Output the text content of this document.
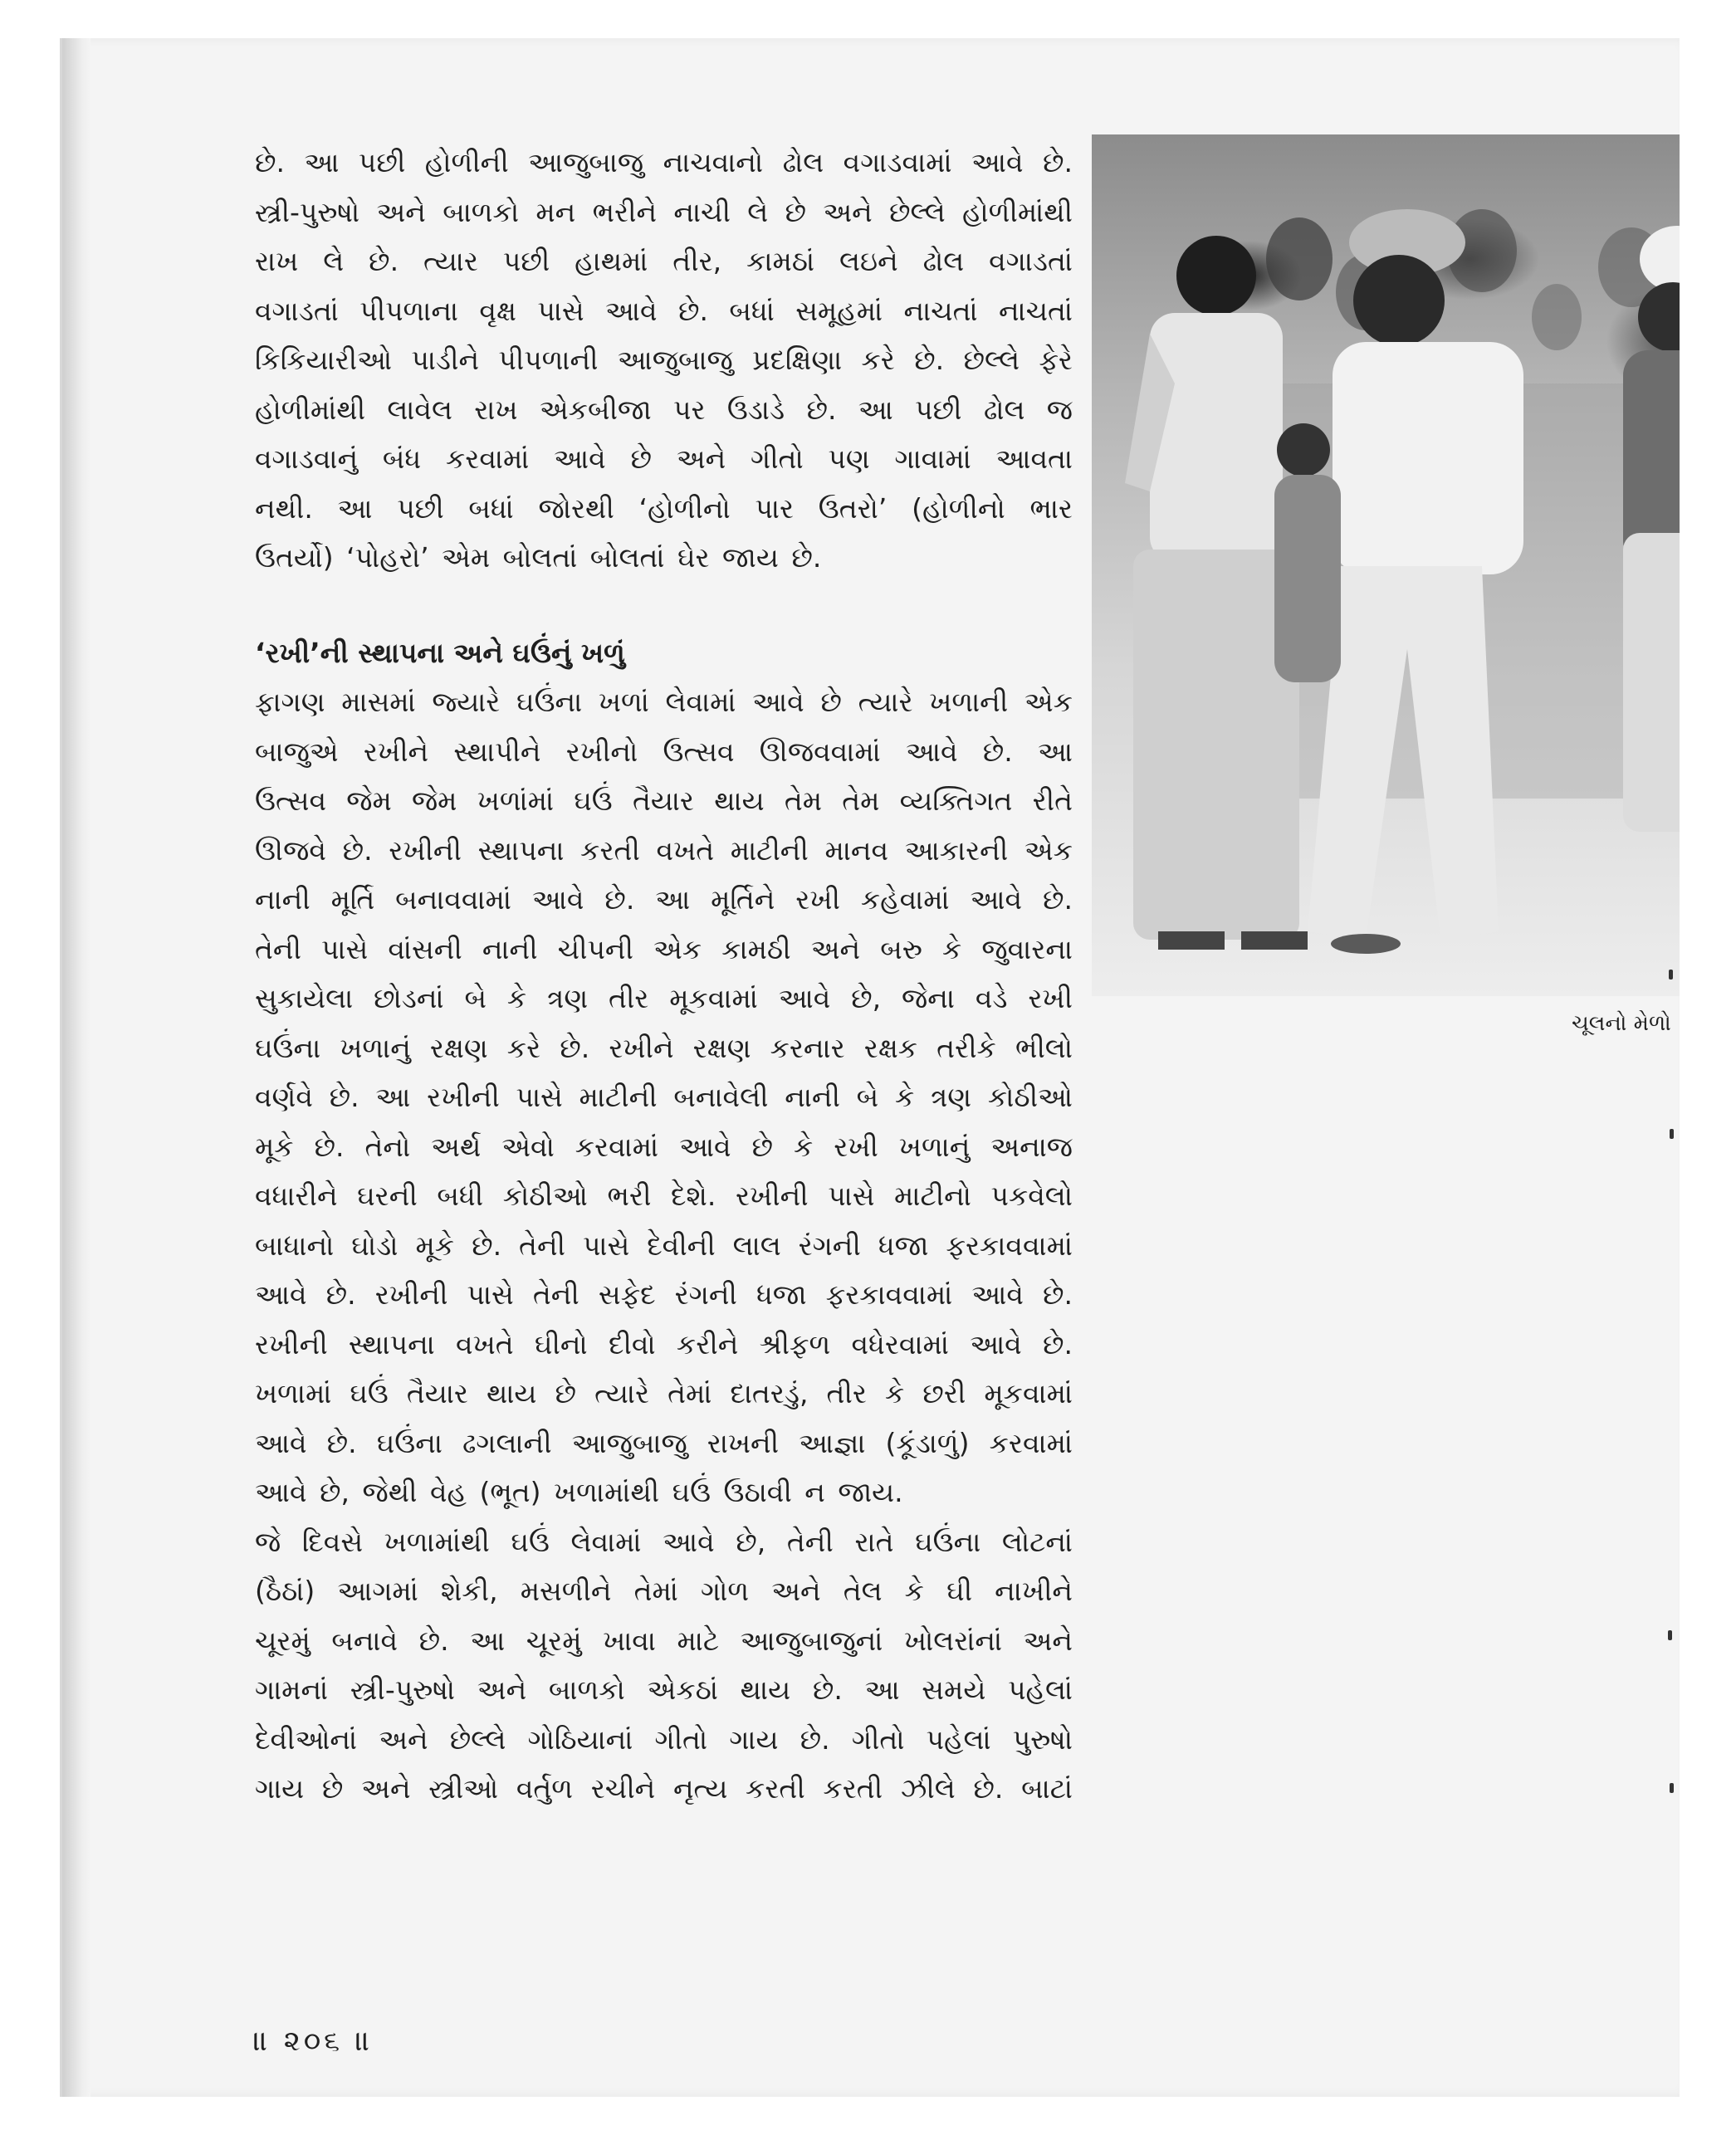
છે. આ પછી હોળીની આજુબાજુ નાચવાનો ઢોલ વગાડવામાં આવે છે.

સ્ત્રી-પુરુષો અને બાળકો મન ભરીને નાચી લે છે અને છેલ્લે હોળીમાંથી

રાખ લે છે. ત્યાર પછી હાથમાં તીર, કામઠાં લઇને ઢોલ વગાડતાં

વગાડતાં પીપળાના વૃક્ષ પાસે આવે છે. બધાં સમૂહમાં નાચતાં નાચતાં

કિકિયારીઓ પાડીને પીપળાની આજુબાજુ પ્રદક્ષિણા કરે છે. છેલ્લે ફેરે

હોળીમાંથી લાવેલ રાખ એકબીજા પર ઉડાડે છે. આ પછી ઢોલ જ

વગાડવાનું બંધ કરવામાં આવે છે અને ગીતો પણ ગાવામાં આવતા

નથી. આ પછી બધાં જોરથી ‘હોળીનો પાર ઉતરો’ (હોળીનો ભાર

ઉતર્યો) ‘પોહરો’ એમ બોલતાં બોલતાં ઘેર જાય છે.

‘રખી’ની સ્થાપના અને ઘઉંનું ખળું

ફાગણ માસમાં જ્યારે ઘઉંના ખળાં લેવામાં આવે છે ત્યારે ખળાની એક

બાજુએ રખીને સ્થાપીને રખીનો ઉત્સવ ઊજવવામાં આવે છે. આ

ઉત્સવ જેમ જેમ ખળાંમાં ઘઉં તૈયાર થાય તેમ તેમ વ્યક્તિગત રીતે

ઊજવે છે. રખીની સ્થાપના કરતી વખતે માટીની માનવ આકારની એક

નાની મૂર્તિ બનાવવામાં આવે છે. આ મૂર્તિને રખી કહેવામાં આવે છે.

તેની પાસે વાંસની નાની ચીપની એક કામઠી અને બરુ કે જુવારના

સુકાયેલા છોડનાં બે કે ત્રણ તીર મૂકવામાં આવે છે, જેના વડે રખી

ઘઉંના ખળાનું રક્ષણ કરે છે. રખીને રક્ષણ કરનાર રક્ષક તરીકે ભીલો

વર્ણવે છે. આ રખીની પાસે માટીની બનાવેલી નાની બે કે ત્રણ કોઠીઓ

મૂકે છે. તેનો અર્થ એવો કરવામાં આવે છે કે રખી ખળાનું અનાજ

વધારીને ઘરની બધી કોઠીઓ ભરી દેશે. રખીની પાસે માટીનો પકવેલો

બાધાનો ઘોડો મૂકે છે. તેની પાસે દેવીની લાલ રંગની ધજા ફરકાવવામાં

આવે છે. રખીની પાસે તેની સફેદ રંગની ધજા ફરકાવવામાં આવે છે.

રખીની સ્થાપના વખતે ઘીનો દીવો કરીને શ્રીફળ વધેરવામાં આવે છે.

ખળામાં ઘઉં તૈયાર થાય છે ત્યારે તેમાં દાતરડું, તીર કે છરી મૂકવામાં

આવે છે. ઘઉંના ઢગલાની આજુબાજુ રાખની આજ્ઞા (કૂંડાળું) કરવામાં

આવે છે, જેથી વેહ (ભૂત) ખળામાંથી ઘઉં ઉઠાવી ન જાય.

જે દિવસે ખળામાંથી ઘઉં લેવામાં આવે છે, તેની રાતે ઘઉંના લોટનાં

(ઠૈઠાં) આગમાં શેકી, મસળીને તેમાં ગોળ અને તેલ કે ઘી નાખીને

ચૂરમું બનાવે છે. આ ચૂરમું ખાવા માટે આજુબાજુનાં ખોલરાંનાં અને

ગામનાં સ્ત્રી-પુરુષો અને બાળકો એકઠાં થાય છે. આ સમયે પહેલાં

દેવીઓનાં અને છેલ્લે ગોઠિયાનાં ગીતો ગાય છે. ગીતો પહેલાં પુરુષો

ગાય છે અને સ્ત્રીઓ વર્તુળ રચીને નૃત્ય કરતી કરતી ઝીલે છે. બાટાં

ચૂલનો મેળો
॥ ૨૦૬ ॥
